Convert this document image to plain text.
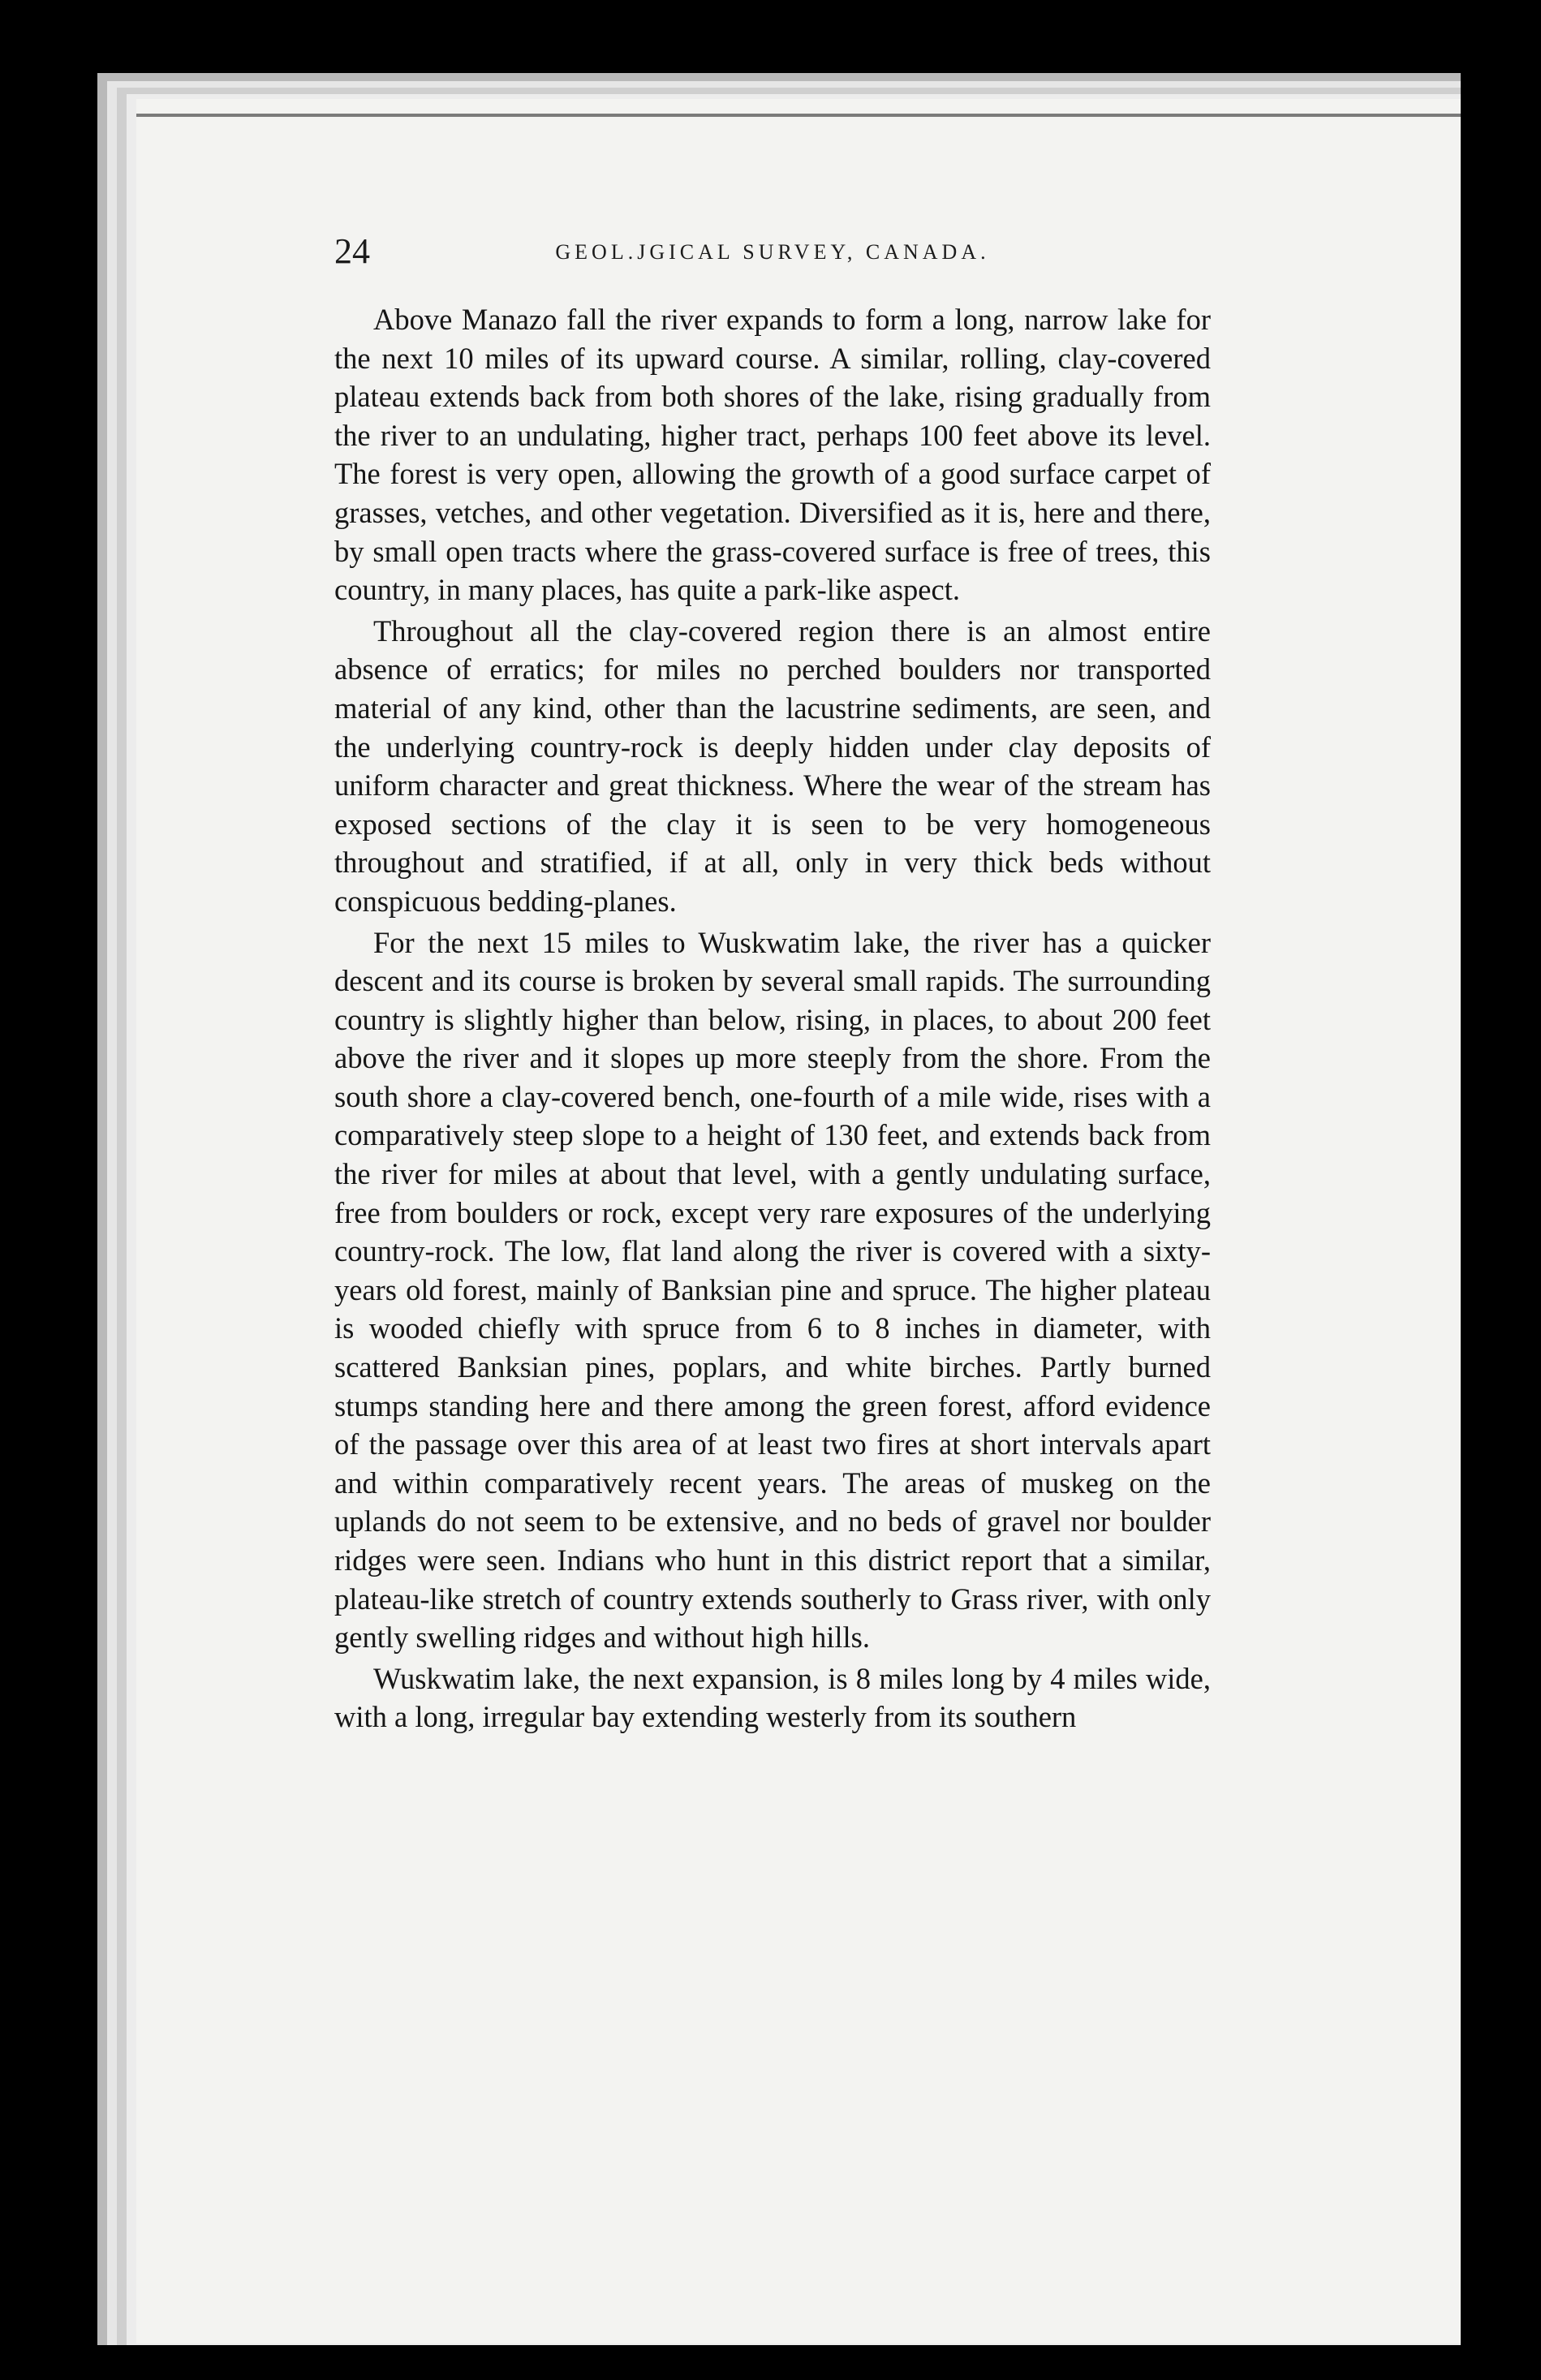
24	GEOL.JGICAL SURVEY, CANADA.

Above Manazo fall the river expands to form a long, narrow lake for the next 10 miles of its upward course. A similar, rolling, clay-covered plateau extends back from both shores of the lake, rising gradually from the river to an undulating, higher tract, perhaps 100 feet above its level. The forest is very open, allowing the growth of a good surface carpet of grasses, vetches, and other vegetation. Diversified as it is, here and there, by small open tracts where the grass-covered surface is free of trees, this country, in many places, has quite a park-like aspect.

Throughout all the clay-covered region there is an almost entire absence of erratics; for miles no perched boulders nor transported material of any kind, other than the lacustrine sediments, are seen, and the underlying country-rock is deeply hidden under clay deposits of uniform character and great thickness. Where the wear of the stream has exposed sections of the clay it is seen to be very homogeneous throughout and stratified, if at all, only in very thick beds without conspicuous bedding-planes.

For the next 15 miles to Wuskwatim lake, the river has a quicker descent and its course is broken by several small rapids. The surrounding country is slightly higher than below, rising, in places, to about 200 feet above the river and it slopes up more steeply from the shore. From the south shore a clay-covered bench, one-fourth of a mile wide, rises with a comparatively steep slope to a height of 130 feet, and extends back from the river for miles at about that level, with a gently undulating surface, free from boulders or rock, except very rare exposures of the underlying country-rock. The low, flat land along the river is covered with a sixty-years old forest, mainly of Banksian pine and spruce. The higher plateau is wooded chiefly with spruce from 6 to 8 inches in diameter, with scattered Banksian pines, poplars, and white birches. Partly burned stumps standing here and there among the green forest, afford evidence of the passage over this area of at least two fires at short intervals apart and within comparatively recent years. The areas of muskeg on the uplands do not seem to be extensive, and no beds of gravel nor boulder ridges were seen. Indians who hunt in this district report that a similar, plateau-like stretch of country extends southerly to Grass river, with only gently swelling ridges and without high hills.

Wuskwatim lake, the next expansion, is 8 miles long by 4 miles wide, with a long, irregular bay extending westerly from its southern
